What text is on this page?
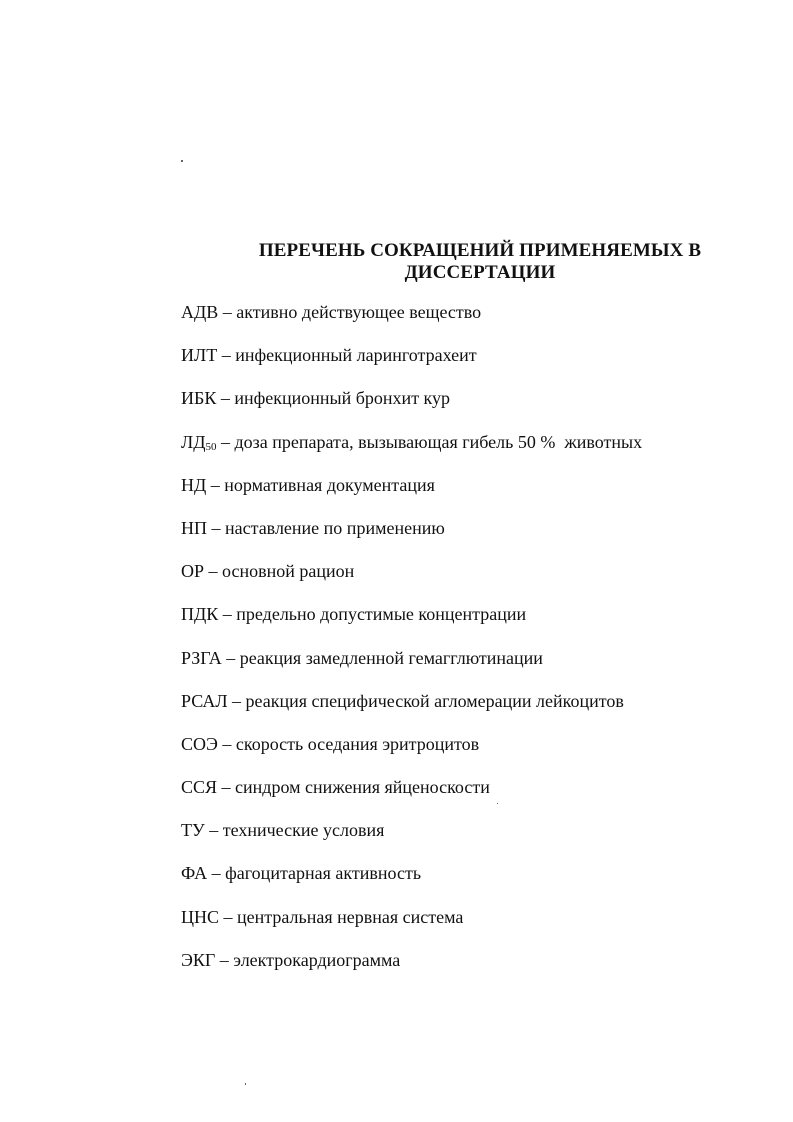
ПЕРЕЧЕНЬ СОКРАЩЕНИЙ ПРИМЕНЯЕМЫХ В
ДИССЕРТАЦИИ
АДВ – активно действующее вещество
ИЛТ – инфекционный ларинготрахеит
ИБК – инфекционный бронхит кур
$ЛД_{50}$ – доза препарата, вызывающая гибель 50 %  животных
НД – нормативная документация
НП – наставление по применению
ОР – основной рацион
ПДК – предельно допустимые концентрации
РЗГА – реакция замедленной гемагглютинации
РСАЛ – реакция специфической агломерации лейкоцитов
СОЭ – скорость оседания эритроцитов
ССЯ – синдром снижения яйценоскости
ТУ – технические условия
ФА – фагоцитарная активность
ЦНС – центральная нервная система
ЭКГ – электрокардиограмма
